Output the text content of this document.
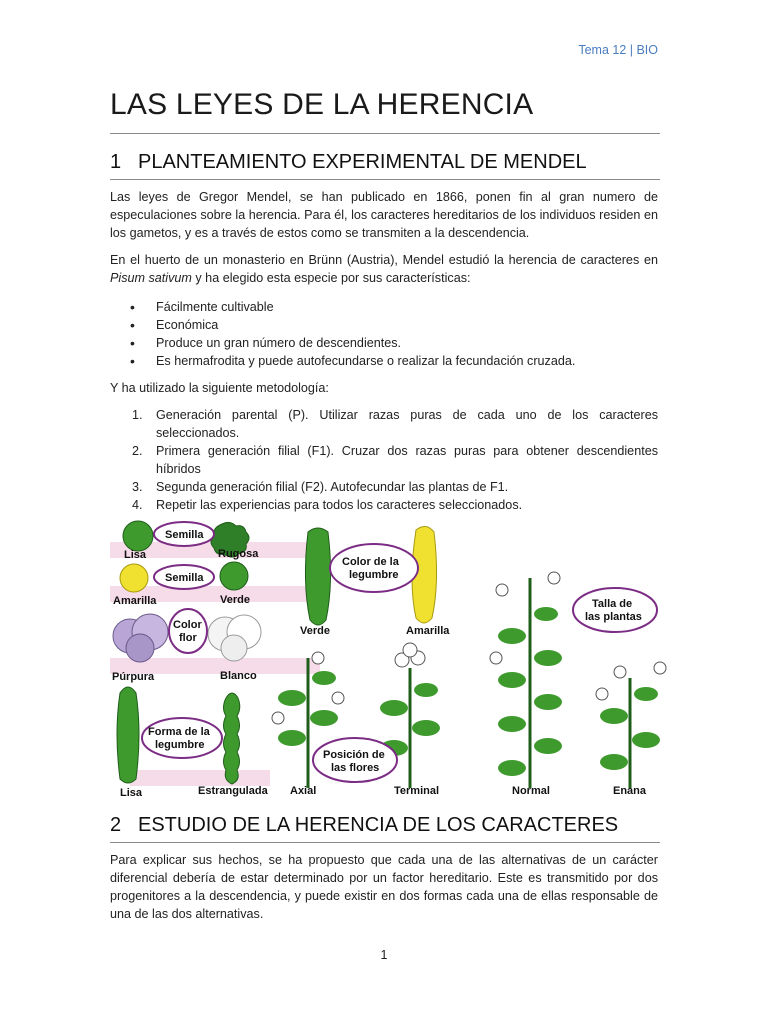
Tema 12 | BIO
LAS LEYES DE LA HERENCIA
1 PLANTEAMIENTO EXPERIMENTAL DE MENDEL

Las leyes de Gregor Mendel, se han publicado en 1866, ponen fin al gran numero de especulaciones sobre la herencia. Para él, los caracteres hereditarios de los individuos residen en los gametos, y es a través de estos como se transmiten a la descendencia.

En el huerto de un monasterio en Brünn (Austria), Mendel estudió la herencia de caracteres en Pisum sativum y ha elegido esta especie por sus características:

• Fácilmente cultivable
• Económica
• Produce un gran número de descendientes.
• Es hermafrodita y puede autofecundarse o realizar la fecundación cruzada.

Y ha utilizado la siguiente metodología:

1. Generación parental (P). Utilizar razas puras de cada uno de los caracteres seleccionados.
2. Primera generación filial (F1). Cruzar dos razas puras para obtener descendientes híbridos
3. Segunda generación filial (F2). Autofecundar las plantas de F1.
4. Repetir las experiencias para todos los caracteres seleccionados.
Lisa	Rugosa
Semilla
Amarilla	Verde
Semilla
Púrpura	Blanco
Color
flor
Lisa	Estrangulada
Forma de la
legumbre
Verde	Amarilla
Color de la
legumbre
Axial	Terminal
Posición de
las flores
Normal	Enana
Talla de
las plantas
2 ESTUDIO DE LA HERENCIA DE LOS CARACTERES

Para explicar sus hechos, se ha propuesto que cada una de las alternativas de un carácter diferencial debería de estar determinado por un factor hereditario. Este es transmitido por dos progenitores a la descendencia, y puede existir en dos formas cada una de ellas responsable de una de las dos alternativas.

1
